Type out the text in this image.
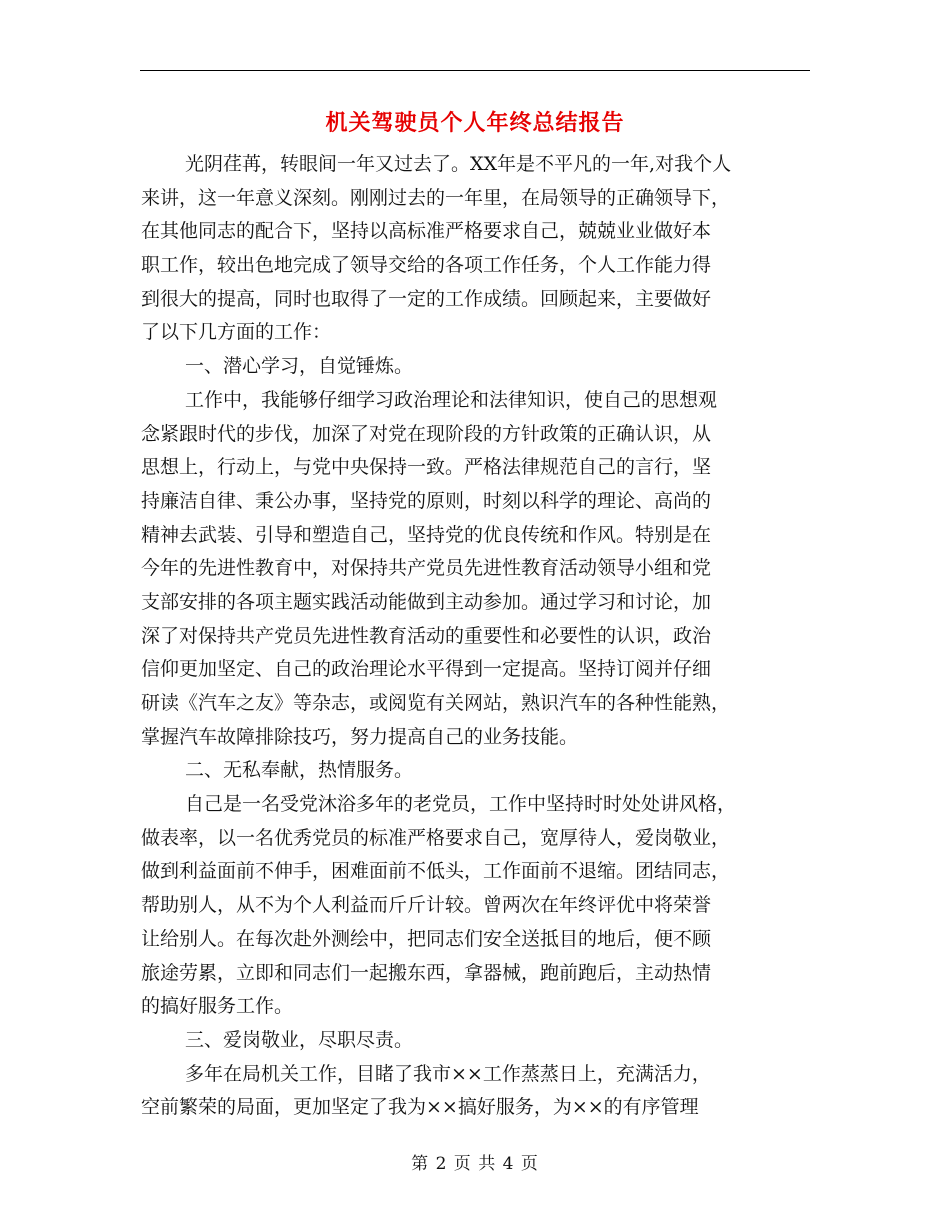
机关驾驶员个人年终总结报告
光阴荏苒，转眼间一年又过去了。XX年是不平凡的一年,对我个人
来讲，这一年意义深刻。刚刚过去的一年里，在局领导的正确领导下，
在其他同志的配合下，坚持以高标准严格要求自己，兢兢业业做好本
职工作，较出色地完成了领导交给的各项工作任务，个人工作能力得
到很大的提高，同时也取得了一定的工作成绩。回顾起来，主要做好
了以下几方面的工作：
一、潜心学习，自觉锤炼。
工作中，我能够仔细学习政治理论和法律知识，使自己的思想观
念紧跟时代的步伐，加深了对党在现阶段的方针政策的正确认识，从
思想上，行动上，与党中央保持一致。严格法律规范自己的言行，坚
持廉洁自律、秉公办事，坚持党的原则，时刻以科学的理论、高尚的
精神去武装、引导和塑造自己，坚持党的优良传统和作风。特别是在
今年的先进性教育中，对保持共产党员先进性教育活动领导小组和党
支部安排的各项主题实践活动能做到主动参加。通过学习和讨论，加
深了对保持共产党员先进性教育活动的重要性和必要性的认识，政治
信仰更加坚定、自己的政治理论水平得到一定提高。坚持订阅并仔细
研读《汽车之友》等杂志，或阅览有关网站，熟识汽车的各种性能熟，
掌握汽车故障排除技巧，努力提高自己的业务技能。
二、无私奉献，热情服务。
自己是一名受党沐浴多年的老党员，工作中坚持时时处处讲风格，
做表率，以一名优秀党员的标准严格要求自己，宽厚待人，爱岗敬业，
做到利益面前不伸手，困难面前不低头，工作面前不退缩。团结同志，
帮助别人，从不为个人利益而斤斤计较。曾两次在年终评优中将荣誉
让给别人。在每次赴外测绘中，把同志们安全送抵目的地后，便不顾
旅途劳累，立即和同志们一起搬东西，拿器械，跑前跑后，主动热情
的搞好服务工作。
三、爱岗敬业，尽职尽责。
多年在局机关工作，目睹了我市××工作蒸蒸日上，充满活力，
空前繁荣的局面，更加坚定了我为××搞好服务，为××的有序管理
第 2 页 共 4 页
